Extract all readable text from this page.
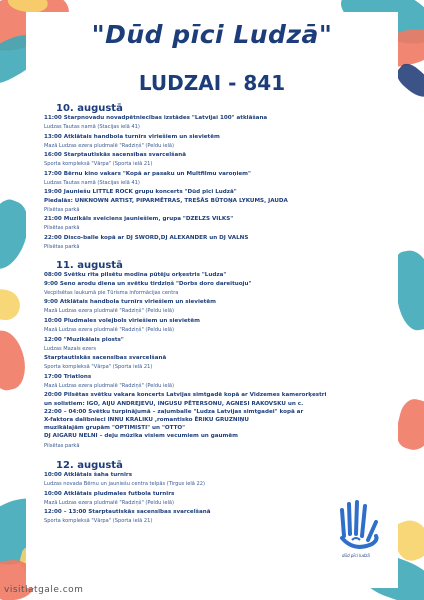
"Dūd pīci Ludzā"
LUDZAI - 841
10. augustā
11:00 Starpnovadu novadpētniecības izstādes "Latvijai 100" atklāšana
Ludzas Tautas namā (Stacijas ielā 41)
13:00 Atklātais handbola turnīrs vīriešiem un sievietēm
Mazā Ludzas ezera pludmalē "Radziņš" (Peldu ielā)
16:00 Starptautiskās sacensības svarcelšanā
Sporta kompleksā "Vārpa" (Sporta ielā 21)
17:00 Bērnu kino vakars "Kopā ar pasaku un Multfilmu varoņiem"
Ludzas Tautas namā (Stacijas ielā 41)
19:00 Jauniešu LITTLE ROCK grupu koncerts "Dūd pīci Ludzā"
Piedalās: UNKNOWN ARTIST, PIPARMĒTRAS, TREŠĀS BŪTOŅA LYKUMS, JAUDA
Pilsētas parkā
21:00 Muzikāls sveiciens jauniešiem, grupa "DZELZS VILKS"
Pilsētas parkā
22:00 Disco-balle kopā ar DJ SWORD,DJ ALEXANDER un DJ VALNS
Pilsētas parkā
11. augustā
08:00 Svētku rīta pilsētu modina pūtēju orķestris "Ludza"
9:00 Seno arodu diena un svētku tirdziņš "Dorbs doro dareituoju"
Vecpilsētas laukumā pie Tūrisma informācijas centra
9:00 Atklātais handbola turnīrs vīriešiem un sievietēm
Mazā Ludzas ezera pludmalē "Radziņš" (Peldu ielā)
10:00 Pludmales volejbols vīriešiem un sievietēm
Mazā Ludzas ezera pludmalē "Radziņš" (Peldu ielā)
12:00 "Muzikālais plosts"
Ludzas Mazais ezers
Starptautiskās sacensības svarcelšanā
Sporta kompleksā "Vārpa" (Sporta ielā 21)
17:00 Triatlons
Mazā Ludzas ezera pludmalē "Radziņš" (Peldu ielā)
20:00 Pilsētas svētku vakara koncerts Latvijas simtgadē kopā ar Vidzemes kamerorķestri
un solistiem: IGO, AIJU ANDREJEVU, INGUSU PĒTERSONU, AGNESI RAKOVSKU un c.
22:00 – 04:00 Svētku turpinājumā – zaļumballe "Ludza Latvijas simtgadei" kopā ar
X-faktora dalībnieci INNU KRALIKU ,romantisko ĒRIKU GRUZNIŅU
muzikālajām grupām "OPTIMISTI" un "OTTO"
DJ AIGARU NELNI – deju mūzika visiem vecumiem un gaumēm
Pilsētas parkā
12. augustā
10:00 Atklātais šaha turnīrs
Ludzas novada Bērnu un jauniešu centra telpās (Tirgus ielā 22)
10:00 Atklātais pludmales futbola turnīrs
Mazā Ludzas ezera pludmalē "Radziņš" (Peldu ielā)
12:00 – 13:00 Starptautiskās sacensības svarcelšanā
Sporta kompleksā "Vārpa" (Sporta ielā 21)
dūd pīci ludzā
visitlatgale.com
